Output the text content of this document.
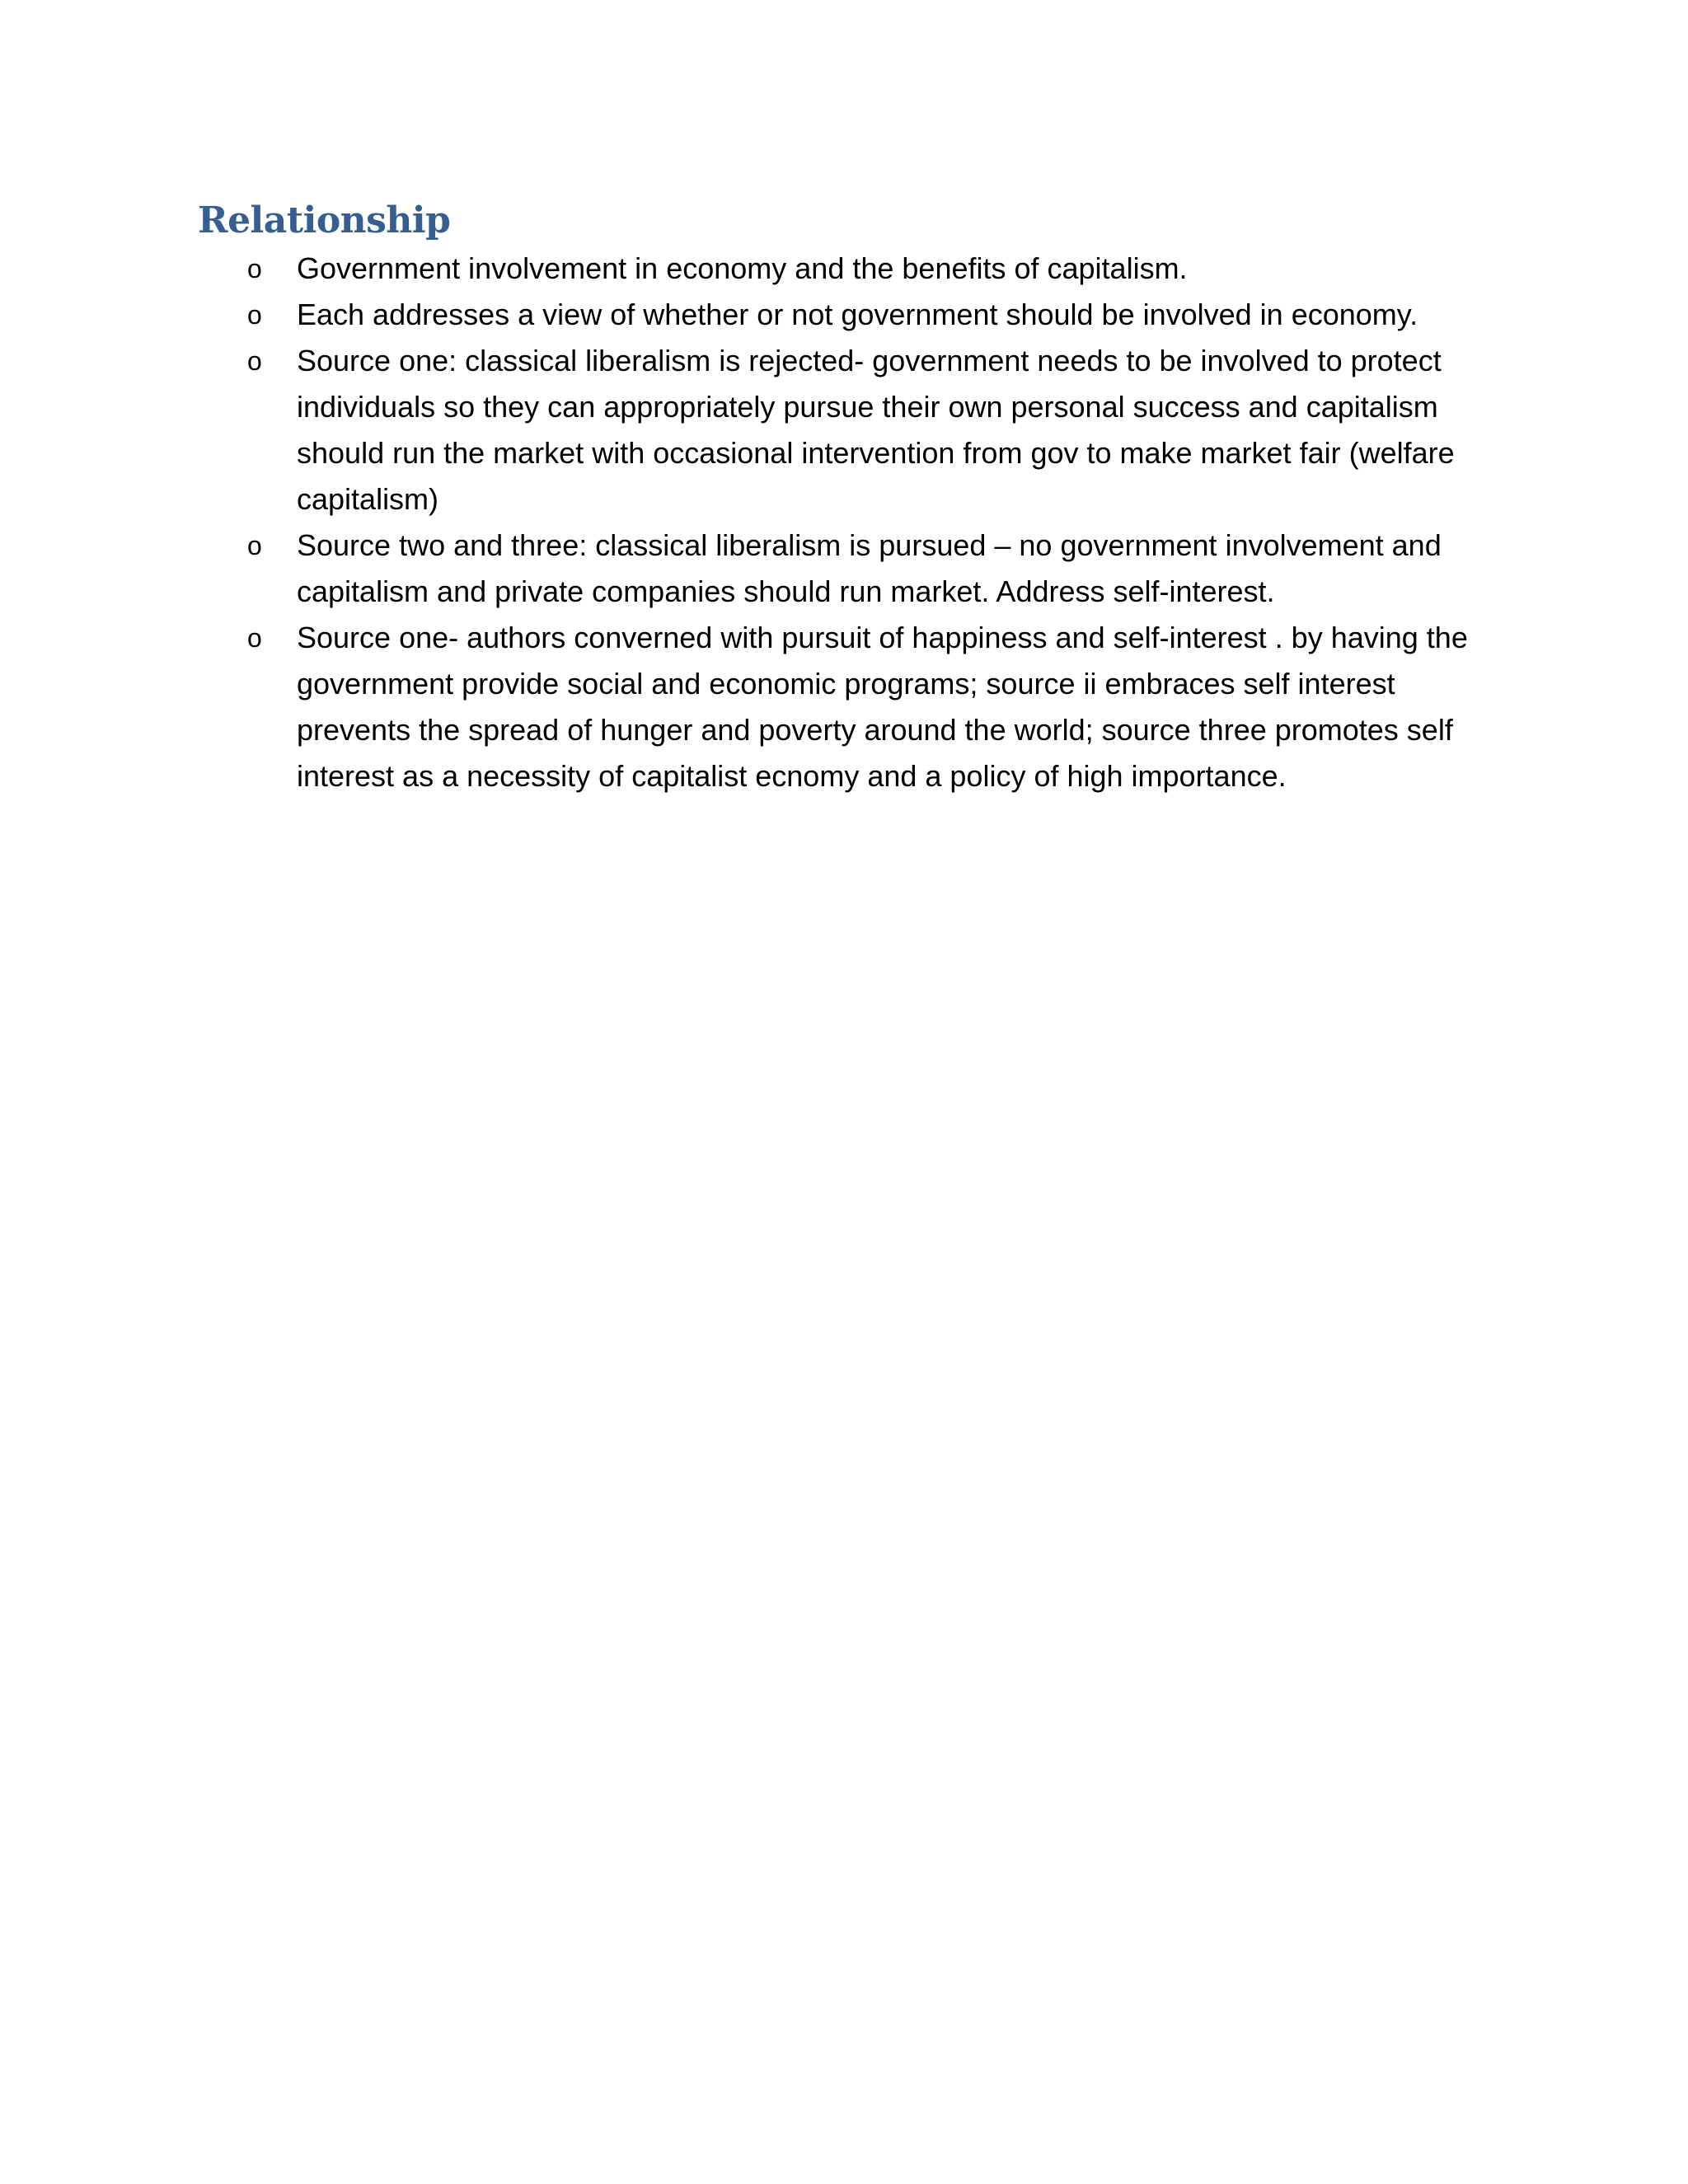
Relationship
o Government involvement in economy and the benefits of capitalism.
o Each addresses a view of whether or not government should be involved in economy.
o Source one: classical liberalism is rejected- government needs to be involved to protect individuals so they can appropriately pursue their own personal success and capitalism should run the market with occasional intervention from gov to make market fair (welfare capitalism)
o Source two and three: classical liberalism is pursued – no government involvement and capitalism and private companies should run market. Address self-interest.
o Source one- authors converned with pursuit of happiness and self-interest . by having the government provide social and economic programs; source ii embraces self interest prevents the spread of hunger and poverty around the world; source three promotes self interest as a necessity of capitalist ecnomy and a policy of high importance.
